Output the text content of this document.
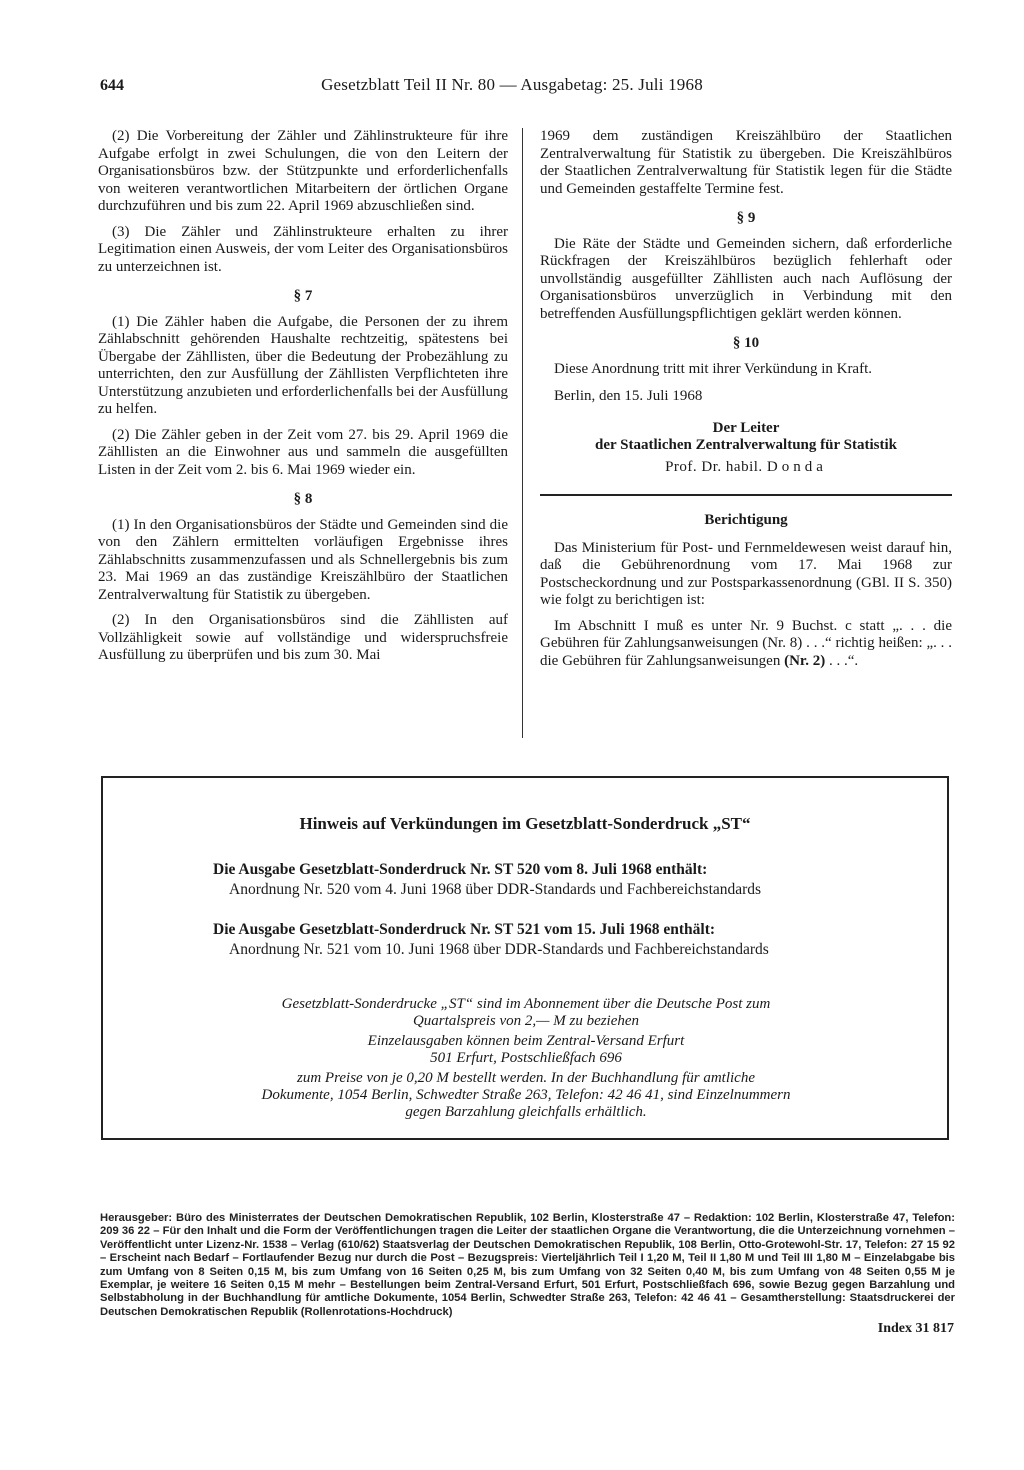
644	Gesetzblatt Teil II Nr. 80 — Ausgabetag: 25. Juli 1968

(2) Die Vorbereitung der Zähler und Zählinstrukteure für ihre Aufgabe erfolgt in zwei Schulungen, die von den Leitern der Organisationsbüros bzw. der Stützpunkte und erforderlichenfalls von weiteren verantwortlichen Mitarbeitern der örtlichen Organe durchzuführen und bis zum 22. April 1969 abzuschließen sind.

(3) Die Zähler und Zählinstrukteure erhalten zu ihrer Legitimation einen Ausweis, der vom Leiter des Organisationsbüros zu unterzeichnen ist.

§ 7

(1) Die Zähler haben die Aufgabe, die Personen der zu ihrem Zählabschnitt gehörenden Haushalte rechtzeitig, spätestens bei Übergabe der Zähllisten, über die Bedeutung der Probezählung zu unterrichten, den zur Ausfüllung der Zähllisten Verpflichteten ihre Unterstützung anzubieten und erforderlichenfalls bei der Ausfüllung zu helfen.

(2) Die Zähler geben in der Zeit vom 27. bis 29. April 1969 die Zähllisten an die Einwohner aus und sammeln die ausgefüllten Listen in der Zeit vom 2. bis 6. Mai 1969 wieder ein.

§ 8

(1) In den Organisationsbüros der Städte und Gemeinden sind die von den Zählern ermittelten vorläufigen Ergebnisse ihres Zählabschnitts zusammenzufassen und als Schnellergebnis bis zum 23. Mai 1969 an das zuständige Kreiszählbüro der Staatlichen Zentralverwaltung für Statistik zu übergeben.

(2) In den Organisationsbüros sind die Zähllisten auf Vollzähligkeit sowie auf vollständige und widerspruchsfreie Ausfüllung zu überprüfen und bis zum 30. Mai

1969 dem zuständigen Kreiszählbüro der Staatlichen Zentralverwaltung für Statistik zu übergeben. Die Kreiszählbüros der Staatlichen Zentralverwaltung für Statistik legen für die Städte und Gemeinden gestaffelte Termine fest.

§ 9

Die Räte der Städte und Gemeinden sichern, daß erforderliche Rückfragen der Kreiszählbüros bezüglich fehlerhaft oder unvollständig ausgefüllter Zähllisten auch nach Auflösung der Organisationsbüros unverzüglich in Verbindung mit den betreffenden Ausfüllungspflichtigen geklärt werden können.

§ 10

Diese Anordnung tritt mit ihrer Verkündung in Kraft.

Berlin, den 15. Juli 1968

Der Leiter
der Staatlichen Zentralverwaltung für Statistik
Prof. Dr. habil. Donda
Berichtigung

Das Ministerium für Post- und Fernmeldewesen weist darauf hin, daß die Gebührenordnung vom 17. Mai 1968 zur Postscheckordnung und zur Postsparkassenordnung (GBl. II S. 350) wie folgt zu berichtigen ist:

Im Abschnitt I muß es unter Nr. 9 Buchst. c statt „. . . die Gebühren für Zahlungsanweisungen (Nr. 8) . . .“ richtig heißen: „. . . die Gebühren für Zahlungsanweisungen (Nr. 2) . . .“.

Hinweis auf Verkündungen im Gesetzblatt-Sonderdruck „ST“
Die Ausgabe Gesetzblatt-Sonderdruck Nr. ST 520 vom 8. Juli 1968 enthält:
Anordnung Nr. 520 vom 4. Juni 1968 über DDR-Standards und Fachbereichstandards
Die Ausgabe Gesetzblatt-Sonderdruck Nr. ST 521 vom 15. Juli 1968 enthält:
Anordnung Nr. 521 vom 10. Juni 1968 über DDR-Standards und Fachbereichstandards
Gesetzblatt-Sonderdrucke „ST“ sind im Abonnement über die Deutsche Post zum
Quartalspreis von 2,— M zu beziehen
Einzelausgaben können beim Zentral-Versand Erfurt
501 Erfurt, Postschließfach 696
zum Preise von je 0,20 M bestellt werden. In der Buchhandlung für amtliche
Dokumente, 1054 Berlin, Schwedter Straße 263, Telefon: 42 46 41, sind Einzelnummern
gegen Barzahlung gleichfalls erhältlich.
Herausgeber: Büro des Ministerrates der Deutschen Demokratischen Republik, 102 Berlin, Klosterstraße 47 – Redaktion: 102 Berlin, Klosterstraße 47, Telefon: 209 36 22 – Für den Inhalt und die Form der Veröffentlichungen tragen die Leiter der staatlichen Organe die Verantwortung, die die Unterzeichnung vornehmen – Veröffentlicht unter Lizenz-Nr. 1538 – Verlag (610/62) Staatsverlag der Deutschen Demokratischen Republik, 108 Berlin, Otto-Grotewohl-Str. 17, Telefon: 27 15 92 – Erscheint nach Bedarf – Fortlaufender Bezug nur durch die Post – Bezugspreis: Vierteljährlich Teil I 1,20 M, Teil II 1,80 M und Teil III 1,80 M – Einzelabgabe bis zum Umfang von 8 Seiten 0,15 M, bis zum Umfang von 16 Seiten 0,25 M, bis zum Umfang von 32 Seiten 0,40 M, bis zum Umfang von 48 Seiten 0,55 M je Exemplar, je weitere 16 Seiten 0,15 M mehr – Bestellungen beim Zentral-Versand Erfurt, 501 Erfurt, Postschließfach 696, sowie Bezug gegen Barzahlung und Selbstabholung in der Buchhandlung für amtliche Dokumente, 1054 Berlin, Schwedter Straße 263, Telefon: 42 46 41 – Gesamtherstellung: Staatsdruckerei der Deutschen Demokratischen Republik (Rollenrotations-Hochdruck)
Index 31 817
